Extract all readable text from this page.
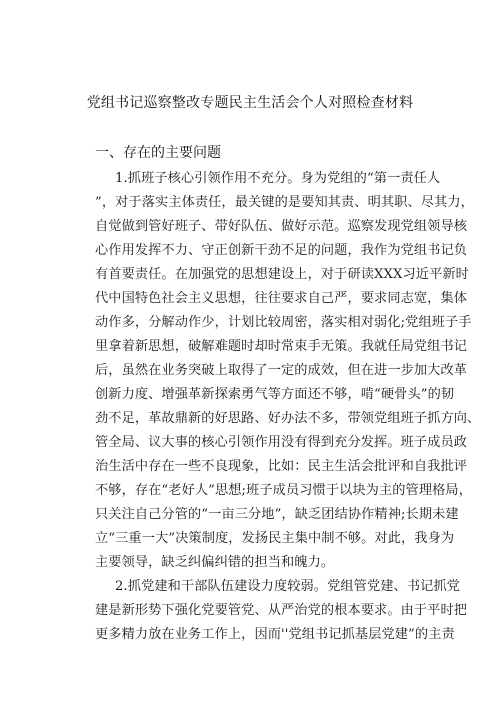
党组书记巡察整改专题民主生活会个人对照检查材料
一、存在的主要问题
1.抓班子核心引领作用不充分。身为党组的“第一责任人
”，对于落实主体责任，最关键的是要知其责、明其职、尽其力，
自觉做到管好班子、带好队伍、做好示范。巡察发现党组领导核
心作用发挥不力、守正创新干劲不足的问题，我作为党组书记负
有首要责任。在加强党的思想建设上，对于研读XXX习近平新时
代中国特色社会主义思想，往往要求自己严，要求同志宽，集体
动作多，分解动作少，计划比较周密，落实相对弱化;党组班子手
里拿着新思想，破解难题时却时常束手无策。我就任局党组书记
后，虽然在业务突破上取得了一定的成效，但在进一步加大改革
创新力度、增强革新探索勇气等方面还不够，啃“硬骨头”的韧
劲不足，革故鼎新的好思路、好办法不多，带领党组班子抓方向、
管全局、议大事的核心引领作用没有得到充分发挥。班子成员政
治生活中存在一些不良现象，比如：民主生活会批评和自我批评
不够，存在“老好人”思想;班子成员习惯于以块为主的管理格局，
只关注自己分管的“一亩三分地”，缺乏团结协作精神;长期未建
立“三重一大”决策制度，发扬民主集中制不够。对此，我身为
主要领导，缺乏纠偏纠错的担当和魄力。
2.抓党建和干部队伍建设力度较弱。党组管党建、书记抓党
建是新形势下强化党要管党、从严治党的根本要求。由于平时把
更多精力放在业务工作上，因而''党组书记抓基层党建”的主责
